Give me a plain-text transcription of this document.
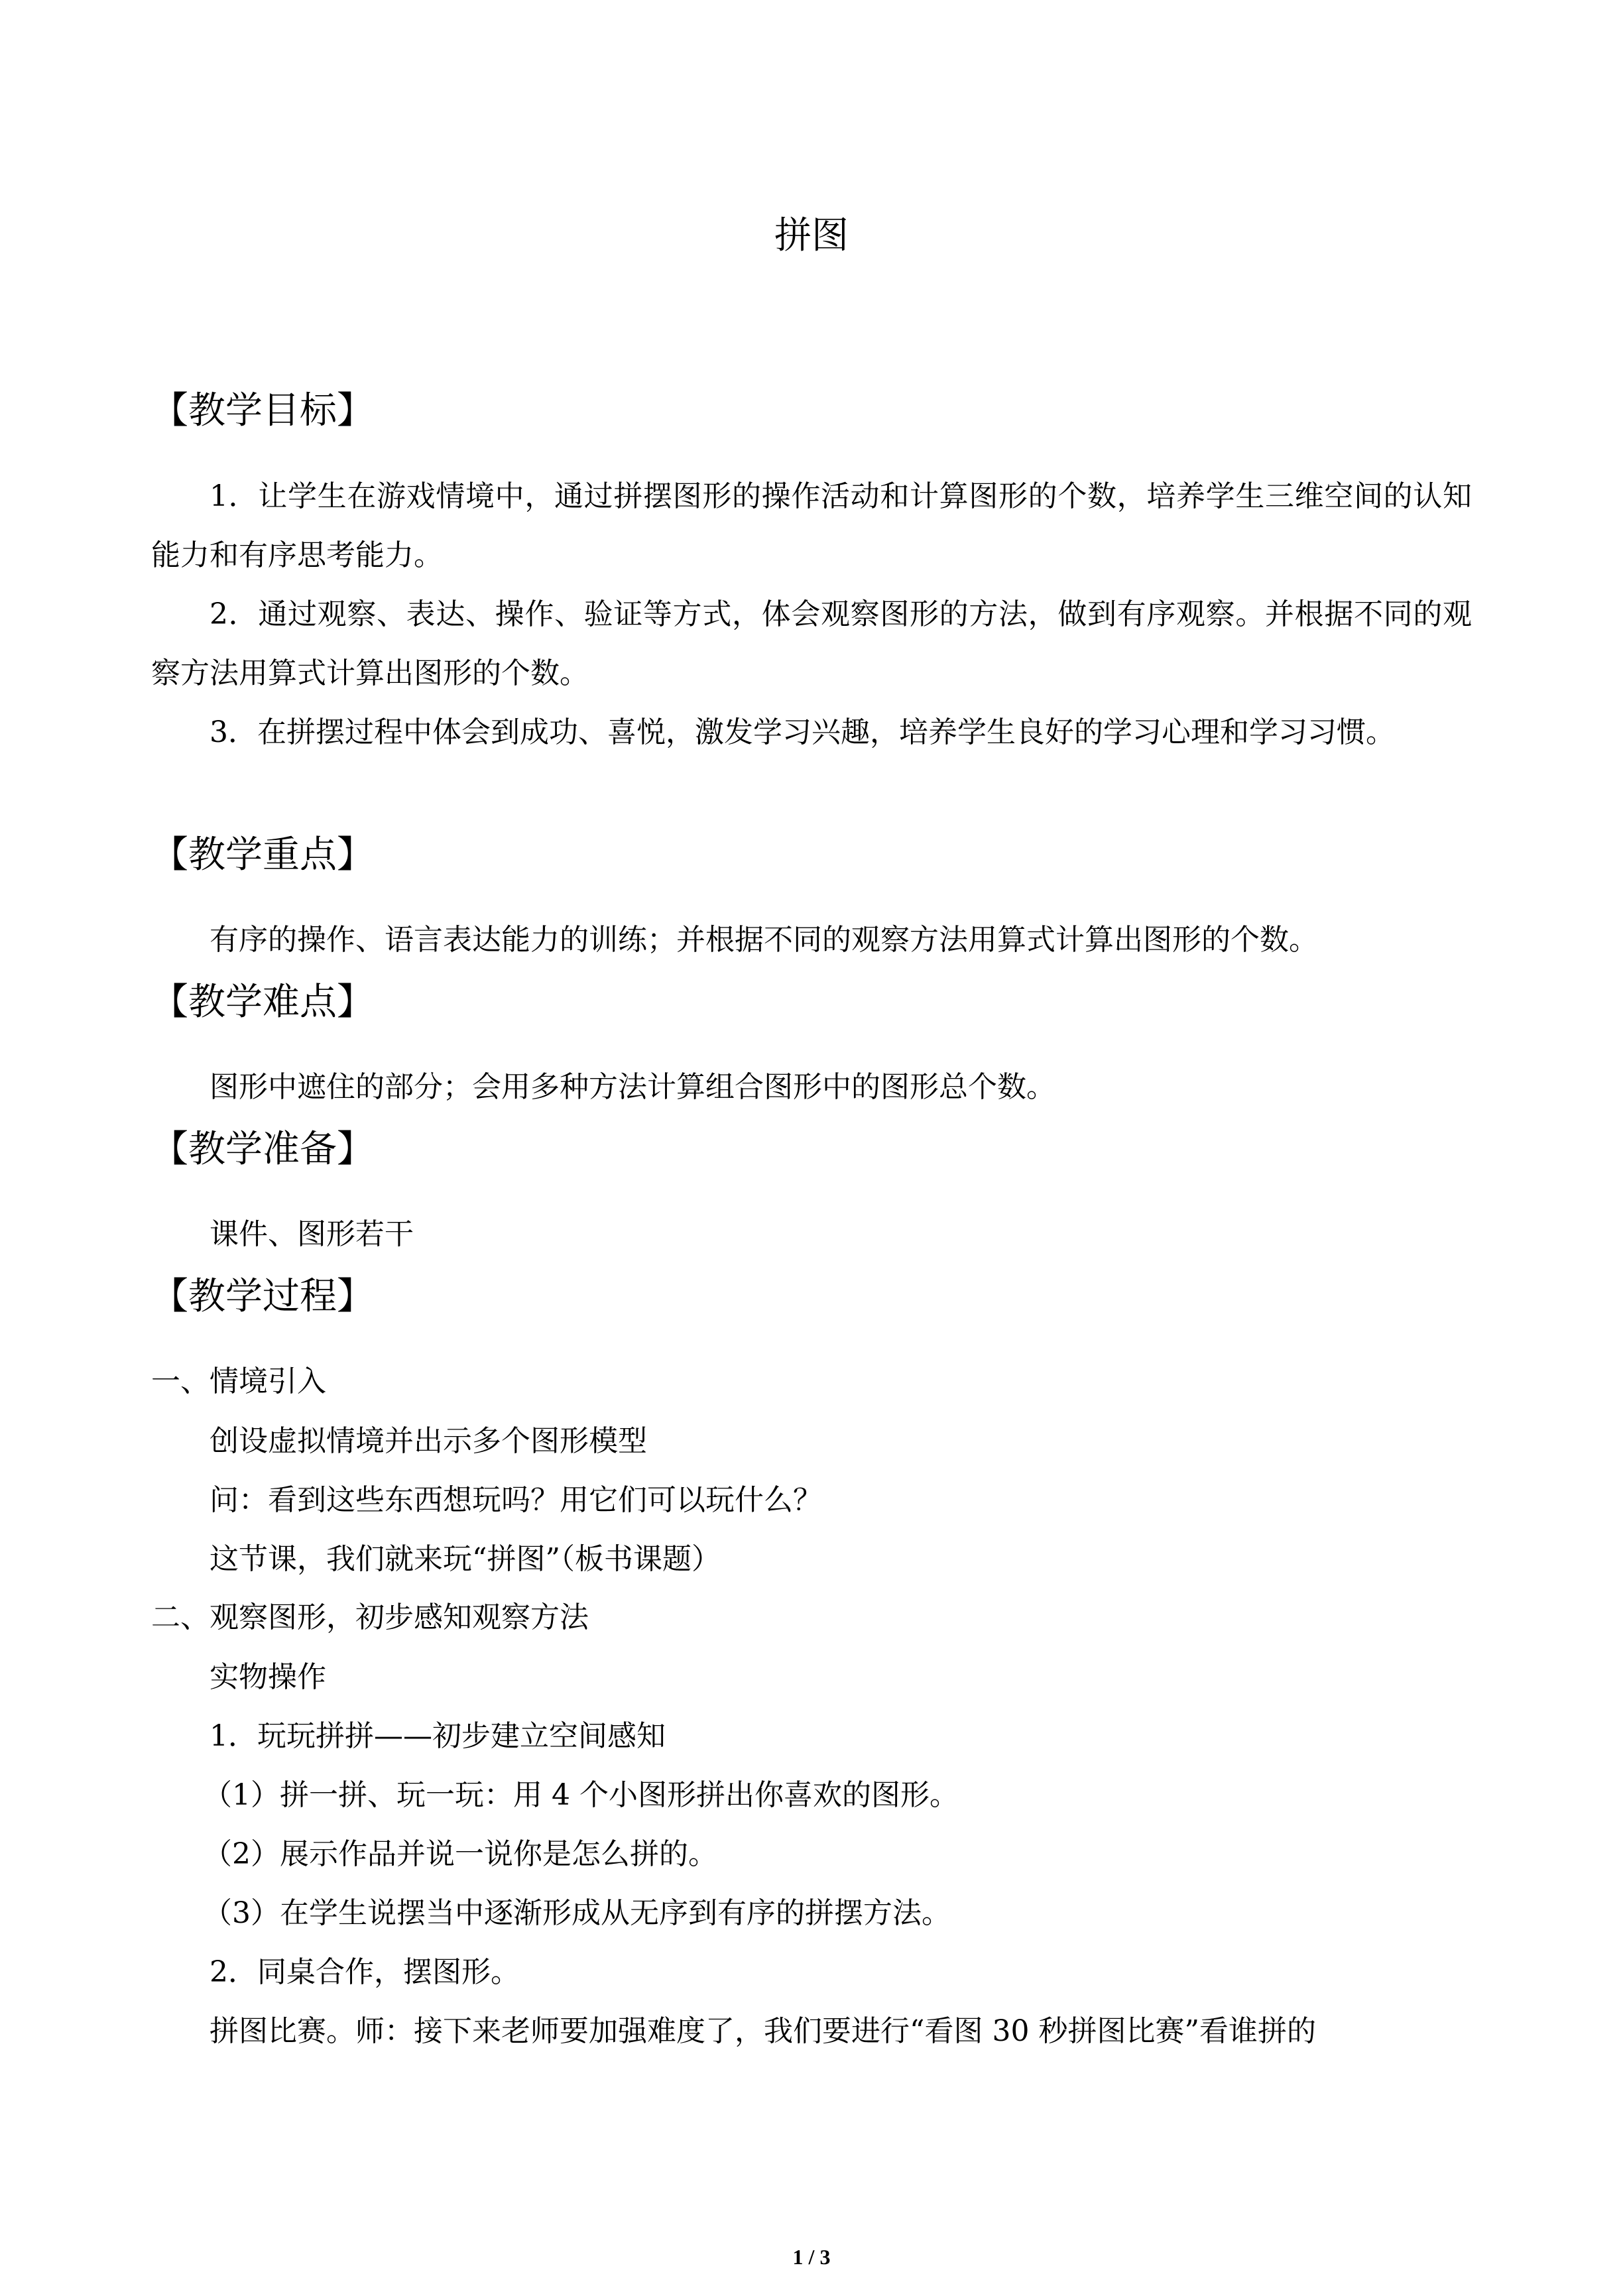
拼图
【教学目标】

1．让学生在游戏情境中，通过拼摆图形的操作活动和计算图形的个数，培养学生三维空间的认知能力和有序思考能力。

2．通过观察、表达、操作、验证等方式，体会观察图形的方法，做到有序观察。并根据不同的观察方法用算式计算出图形的个数。

3．在拼摆过程中体会到成功、喜悦，激发学习兴趣，培养学生良好的学习心理和学习习惯。

【教学重点】
有序的操作、语言表达能力的训练；并根据不同的观察方法用算式计算出图形的个数。
【教学难点】
图形中遮住的部分；会用多种方法计算组合图形中的图形总个数。
【教学准备】
课件、图形若干
【教学过程】
一、情境引入
创设虚拟情境并出示多个图形模型
问：看到这些东西想玩吗？用它们可以玩什么？
这节课，我们就来玩“拼图”（板书课题）
二、观察图形，初步感知观察方法
实物操作
1．玩玩拼拼——初步建立空间感知
（1）拼一拼、玩一玩：用 4 个小图形拼出你喜欢的图形。
（2）展示作品并说一说你是怎么拼的。
（3）在学生说摆当中逐渐形成从无序到有序的拼摆方法。
2．同桌合作，摆图形。
拼图比赛。师：接下来老师要加强难度了，我们要进行“看图 30 秒拼图比赛”看谁拼的
1 / 3
